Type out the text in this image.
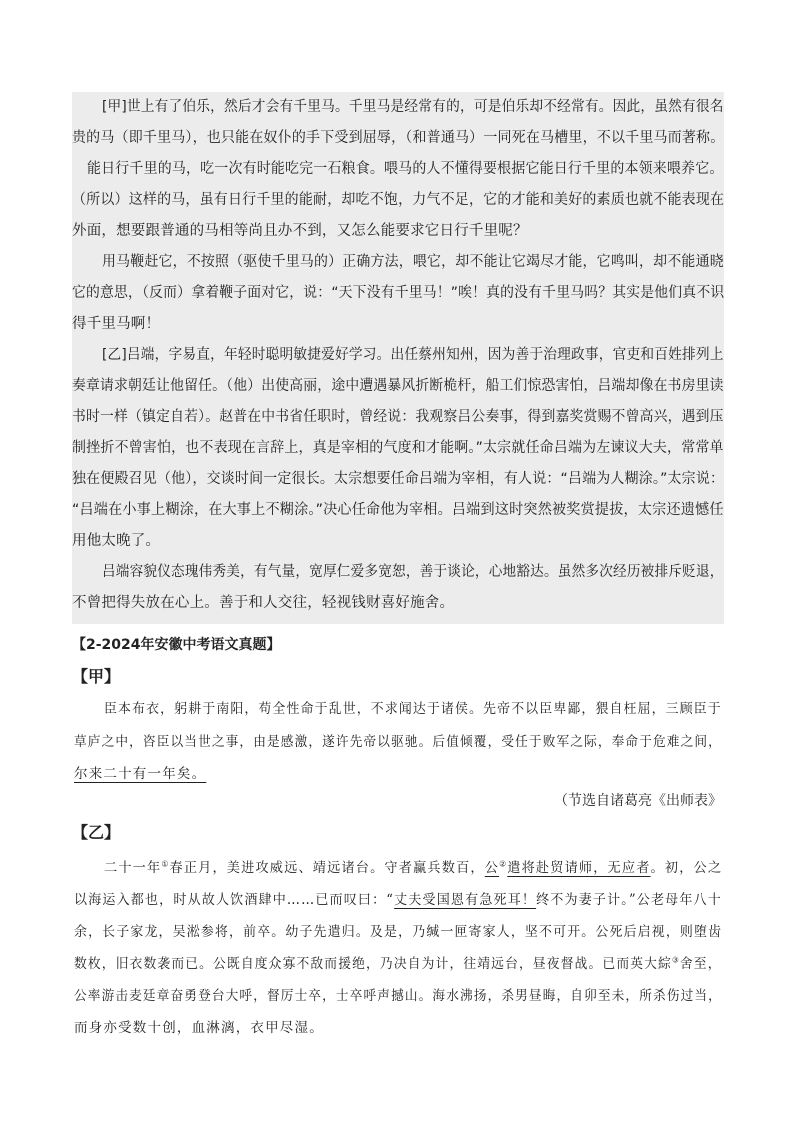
[甲]世上有了伯乐，然后才会有千里马。千里马是经常有的，可是伯乐却不经常有。因此，虽然有很名
贵的马（即千里马），也只能在奴仆的手下受到屈辱，（和普通马）一同死在马槽里，不以千里马而著称。
能日行千里的马，吃一次有时能吃完一石粮食。喂马的人不懂得要根据它能日行千里的本领来喂养它。
（所以）这样的马，虽有日行千里的能耐，却吃不饱，力气不足，它的才能和美好的素质也就不能表现在
外面，想要跟普通的马相等尚且办不到，又怎么能要求它日行千里呢？
用马鞭赶它，不按照（驱使千里马的）正确方法，喂它，却不能让它竭尽才能，它鸣叫，却不能通晓
它的意思，（反而）拿着鞭子面对它，说：“天下没有千里马！”唉！真的没有千里马吗？其实是他们真不识
得千里马啊！
[乙]吕端，字易直，年轻时聪明敏捷爱好学习。出任蔡州知州，因为善于治理政事，官吏和百姓排列上
奏章请求朝廷让他留任。（他）出使高丽，途中遭遇暴风折断桅杆，船工们惊恐害怕，吕端却像在书房里读
书时一样（镇定自若）。赵普在中书省任职时，曾经说：我观察吕公奏事，得到嘉奖赏赐不曾高兴，遇到压
制挫折不曾害怕，也不表现在言辞上，真是宰相的气度和才能啊。”太宗就任命吕端为左谏议大夫，常常单
独在便殿召见（他），交谈时间一定很长。太宗想要任命吕端为宰相，有人说：“吕端为人糊涂。”太宗说：
“吕端在小事上糊涂，在大事上不糊涂。”决心任命他为宰相。吕端到这时突然被奖赏提拔，太宗还遗憾任
用他太晚了。
吕端容貌仪态瑰伟秀美，有气量，宽厚仁爱多宽恕，善于谈论，心地豁达。虽然多次经历被排斥贬退，
不曾把得失放在心上。善于和人交往，轻视钱财喜好施舍。
【2-2024年安徽中考语文真题】
【甲】
臣本布衣，躬耕于南阳，苟全性命于乱世，不求闻达于诸侯。先帝不以臣卑鄙，猥自枉屈，三顾臣于
草庐之中，咨臣以当世之事，由是感激，遂许先帝以驱驰。后值倾覆，受任于败军之际，奉命于危难之间，
尔来二十有一年矣。
（节选自诸葛亮《出师表》
【乙】
二十一年①春正月，美进攻威远、靖远诸台。守者赢兵数百，公②遣将赴贸请师，无应者。初，公之
以海运入都也，时从故人饮酒肆中……已而叹曰：“丈夫受国恩有急死耳！终不为妻子计。”公老母年八十
余，长子家龙，吴淞参将，前卒。幼子先遣归。及是，乃缄一匣寄家人，坚不可开。公死后启视，则堕齿
数枚，旧衣数袭而已。公既自度众寡不敌而援绝，乃决自为计，往靖远台，昼夜督战。已而英大綜③舍至，
公率游击麦廷章奋勇登台大呼，督厉士卒，士卒呼声撼山。海水沸扬，杀男昼晦，自卯至未，所杀伤过当，
而身亦受数十创，血淋漓，衣甲尽湿。
